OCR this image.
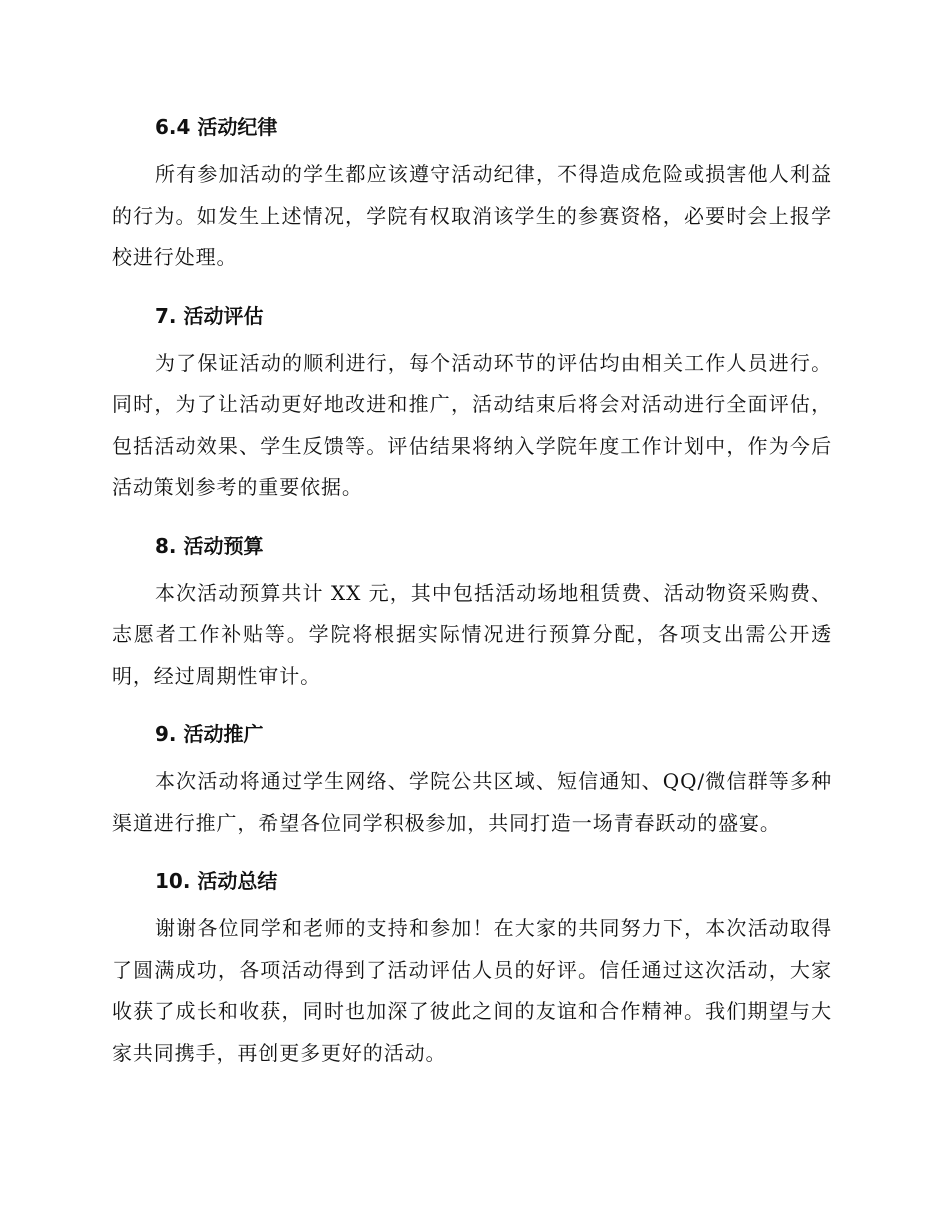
6.4 活动纪律

所有参加活动的学生都应该遵守活动纪律，不得造成危险或损害他人利益的行为。如发生上述情况，学院有权取消该学生的参赛资格，必要时会上报学校进行处理。

7. 活动评估

为了保证活动的顺利进行，每个活动环节的评估均由相关工作人员进行。同时，为了让活动更好地改进和推广，活动结束后将会对活动进行全面评估，包括活动效果、学生反馈等。评估结果将纳入学院年度工作计划中，作为今后活动策划参考的重要依据。

8. 活动预算

本次活动预算共计 XX 元，其中包括活动场地租赁费、活动物资采购费、志愿者工作补贴等。学院将根据实际情况进行预算分配，各项支出需公开透明，经过周期性审计。

9. 活动推广

本次活动将通过学生网络、学院公共区域、短信通知、QQ/微信群等多种渠道进行推广，希望各位同学积极参加，共同打造一场青春跃动的盛宴。

10. 活动总结

谢谢各位同学和老师的支持和参加！在大家的共同努力下，本次活动取得了圆满成功，各项活动得到了活动评估人员的好评。信任通过这次活动，大家收获了成长和收获，同时也加深了彼此之间的友谊和合作精神。我们期望与大家共同携手，再创更多更好的活动。
